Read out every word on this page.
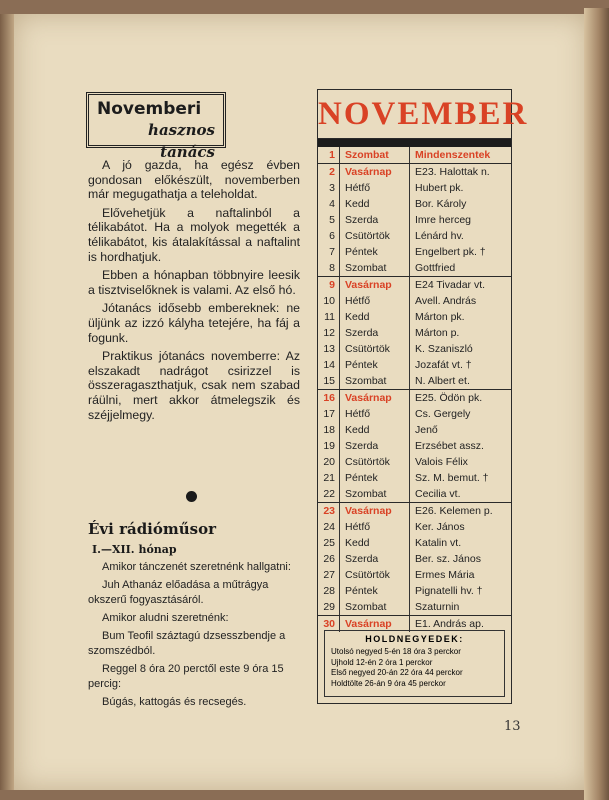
Novemberi
hasznos tanács

A jó gazda, ha egész évben gondosan előkészült, novemberben már megugathatja a teleholdat.

Elővehetjük a naftalinból a télikabátot. Ha a molyok megették a télikabátot, kis átalakítással a naftalint is hordhatjuk.

Ebben a hónapban többnyire leesik a tisztviselőknek is valami. Az első hó.

Jótanács idősebb embereknek: ne üljünk az izzó kályha tetejére, ha fáj a fogunk.

Praktikus jótanács novemberre: Az elszakadt nadrágot csirizzel is összeragaszthatjuk, csak nem szabad ráülni, mert akkor átmelegszik és széjjelmegy.

Évi rádióműsor
I.—XII. hónap

Amikor tánczenét szeretnénk hallgatni:

Juh Athanáz előadása a műtrágya okszerű fogyasztásáról.

Amikor aludni szeretnénk:

Bum Teofil száztagú dzsesszbendje a szomszédból.

Reggel 8 óra 20 perctől este 9 óra 15 percig:

Búgás, kattogás és recsegés.

NOVEMBER
1 Szombat	Mindenszentek
2 Vasárnap	E23. Halottak n.
3 Hétfő	Hubert pk.
4 Kedd	Bor. Károly
5 Szerda	Imre herceg
6 Csütörtök	Lénárd hv.
7 Péntek	Engelbert pk. †
8 Szombat	Gottfried
9 Vasárnap	E24 Tivadar vt.
10 Hétfő	Avell. András
11 Kedd	Márton pk.
12 Szerda	Márton p.
13 Csütörtök	K. Szaniszló
14 Péntek	Jozafát vt. †
15 Szombat	N. Albert et.
16 Vasárnap	E25. Ödön pk.
17 Hétfő	Cs. Gergely
18 Kedd	Jenő
19 Szerda	Erzsébet assz.
20 Csütörtök	Valois Félix
21 Péntek	Sz. M. bemut. †
22 Szombat	Cecilia vt.
23 Vasárnap	E26. Kelemen p.
24 Hétfő	Ker. János
25 Kedd	Katalin vt.
26 Szerda	Ber. sz. János
27 Csütörtök	Ermes Mária
28 Péntek	Pignatelli hv. †
29 Szombat	Szaturnin
30 Vasárnap	E1. András ap.
HOLDNEGYEDEK:
Utolsó negyed 5-én 18 óra 3 perckor
Ujhold 12-én 2 óra 1 perckor
Első negyed 20-án 22 óra 44 perckor
Holdtölte 26-án 9 óra 45 perckor
13
